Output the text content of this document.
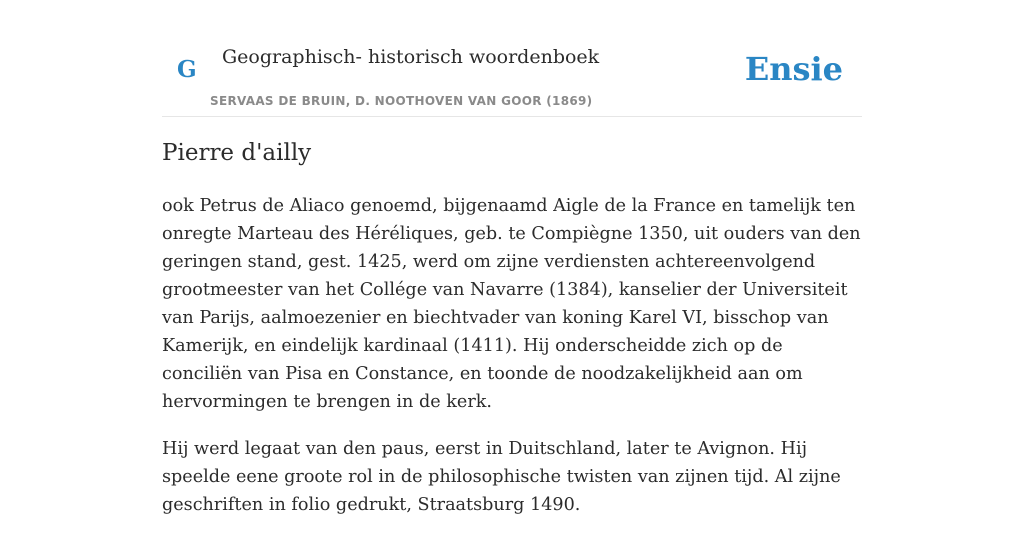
G Geographisch- historisch woordenboek
SERVAAS DE BRUIN, D. NOOTHOVEN VAN GOOR (1869)
Ensie
Pierre d'ailly

ook Petrus de Aliaco genoemd, bijgenaamd Aigle de la France en tamelijk ten onregte Marteau des Héréliques, geb. te Compiègne 1350, uit ouders van den geringen stand, gest. 1425, werd om zijne verdiensten achtereenvolgend grootmeester van het Collége van Navarre (1384), kanselier der Universiteit van Parijs, aalmoezenier en biechtvader van koning Karel VI, bisschop van Kamerijk, en eindelijk kardinaal (1411). Hij onderscheidde zich op de conciliën van Pisa en Constance, en toonde de noodzakelijkheid aan om hervormingen te brengen in de kerk.

Hij werd legaat van den paus, eerst in Duitschland, later te Avignon. Hij speelde eene groote rol in de philosophische twisten van zijnen tijd. Al zijne geschriften in folio gedrukt, Straatsburg 1490.
